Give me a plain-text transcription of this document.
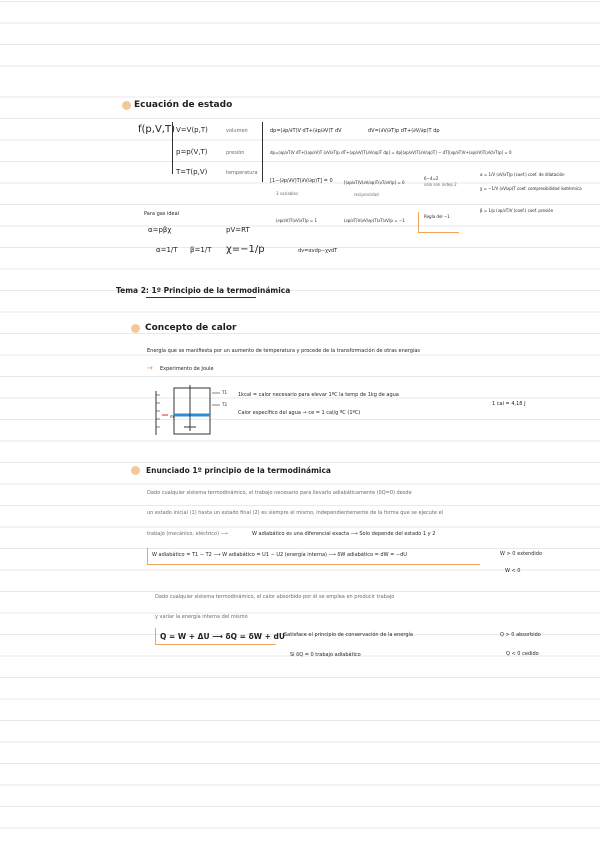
Ecuación de estado
f(p,V,T) V=V(p,T)	volumen
p=p(V,T)	presión
T=T(p,V)	temperatura
dp=(∂p/∂T)V dT+(∂p/∂V)T dV	dV=(∂V/∂T)p dT+(∂V/∂p)T dp
dp=(∂p/∂T)V dT+[(∂p/∂V)T (∂V/∂T)p dT+(∂p/∂V)T(∂V/∂p)T dp] = dp[(∂p/∂V)T(∂V/∂p)T] − dT[(∂p/∂T)V+(∂p/∂V)T(∂V/∂T)p] = 0
[1−(∂p/∂V)T(∂V/∂p)T] = 0
3 variables
[(∂p/∂T)V(∂V/∂p)T(∂T/∂V)p] = 0
reciprocidad
6−4=2
solo son indep 2
α = 1/V (∂V/∂T)p (coef.) coef. de dilatación
χ = −1/V (∂V/∂p)T coef. compresibilidad isotérmica
β = 1/p (∂p/∂T)V (coef.) coef. presión
(∂p/∂V)T(∂V/∂T)p = 1	(∂p/∂T)V(∂V/∂p)T(∂T/∂V)p = −1
Regla del −1
Para gas ideal
α=pβχ	pV=RT
α=1/T β=1/T χ=−1/p	dv=αvdp−χvdT
Tema 2: 1º Principio de la termodinámica
Concepto de calor
Energía que se manifiesta por un aumento de temperatura y procede de la transformación de otras energías
→ Experimento de Joule
T1
T2
m
1kcal = calor necesario para elevar 1ºC la temp de 1kg de agua
Calor específico del agua → ce = 1 cal/g ºC (1ºC)
1 cal = 4,18 J
Enunciado 1º principio de la termodinámica
Dado cualquier sistema termodinámico, el trabajo necesario para llevarlo adiabáticamente (δQ=0) desde
un estado inicial (1) hasta un estado final (2) es siempre el mismo, independientemente de la forma que se ejecute el
trabajo (mecánico, eléctrico) ⟶	W adiabático es una diferencial exacta ⟶ Solo depende del estado 1 y 2
W adiabático = T1 − T2 ⟶ W adiabático = U1 − U2 (energía interna) ⟶ δW adiabático = dW = −dU	W > 0 extendido
W < 0
Dado cualquier sistema termodinámico, el calor absorbido por él se emplea en producir trabajo
y variar la energía interna del mismo
Q = W + ΔU ⟶ δQ = δW + dU Satisface el principio de conservación de la energía
Si δQ = 0 trabajo adiabático
Q > 0 absorbido
Q < 0 cedido
